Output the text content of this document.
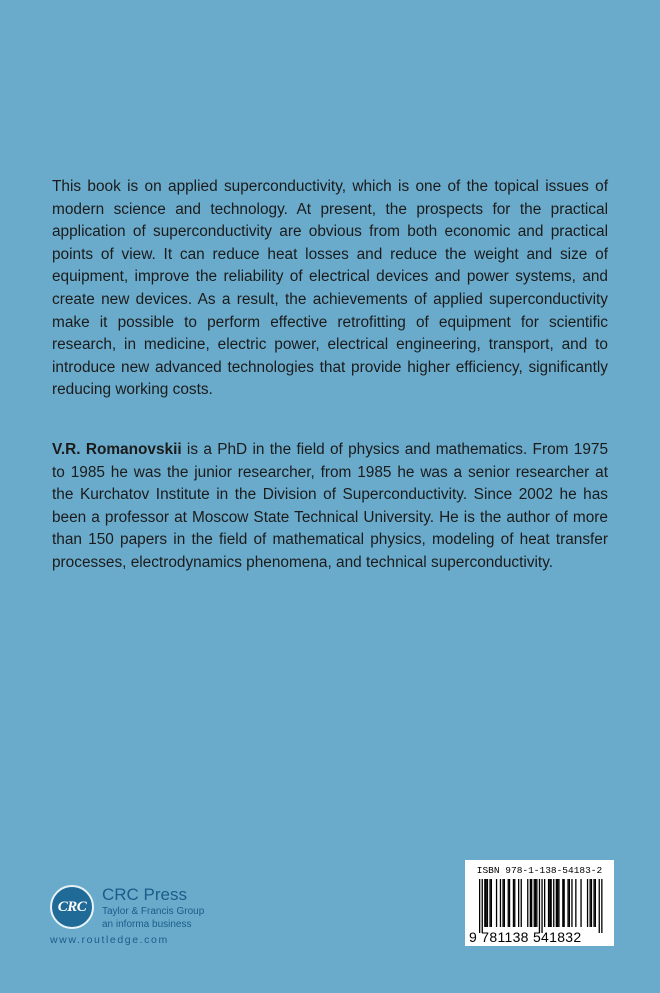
This book is on applied superconductivity, which is one of the topical issues of modern science and technology. At present, the prospects for the practical application of superconductivity are obvious from both economic and practical points of view. It can reduce heat losses and reduce the weight and size of equipment, improve the reliability of electrical devices and power systems, and create new devices. As a result, the achievements of applied superconductivity make it possible to perform effective retrofitting of equipment for scientific research, in medicine, electric power, electrical engineering, transport, and to introduce new advanced technologies that provide higher efficiency, significantly reducing working costs.

V.R. Romanovskii is a PhD in the field of physics and mathematics. From 1975 to 1985 he was the junior researcher, from 1985 he was a senior researcher at the Kurchatov Institute in the Division of Superconductivity. Since 2002 he has been a professor at Moscow State Technical University. He is the author of more than 150 papers in the field of mathematical physics, modeling of heat transfer processes, electrodynamics phenomena, and technical superconductivity.

CRC
CRC Press
Taylor & Francis Group
an informa business
www.routledge.com
ISBN 978-1-138-54183-2
9 781138 541832
